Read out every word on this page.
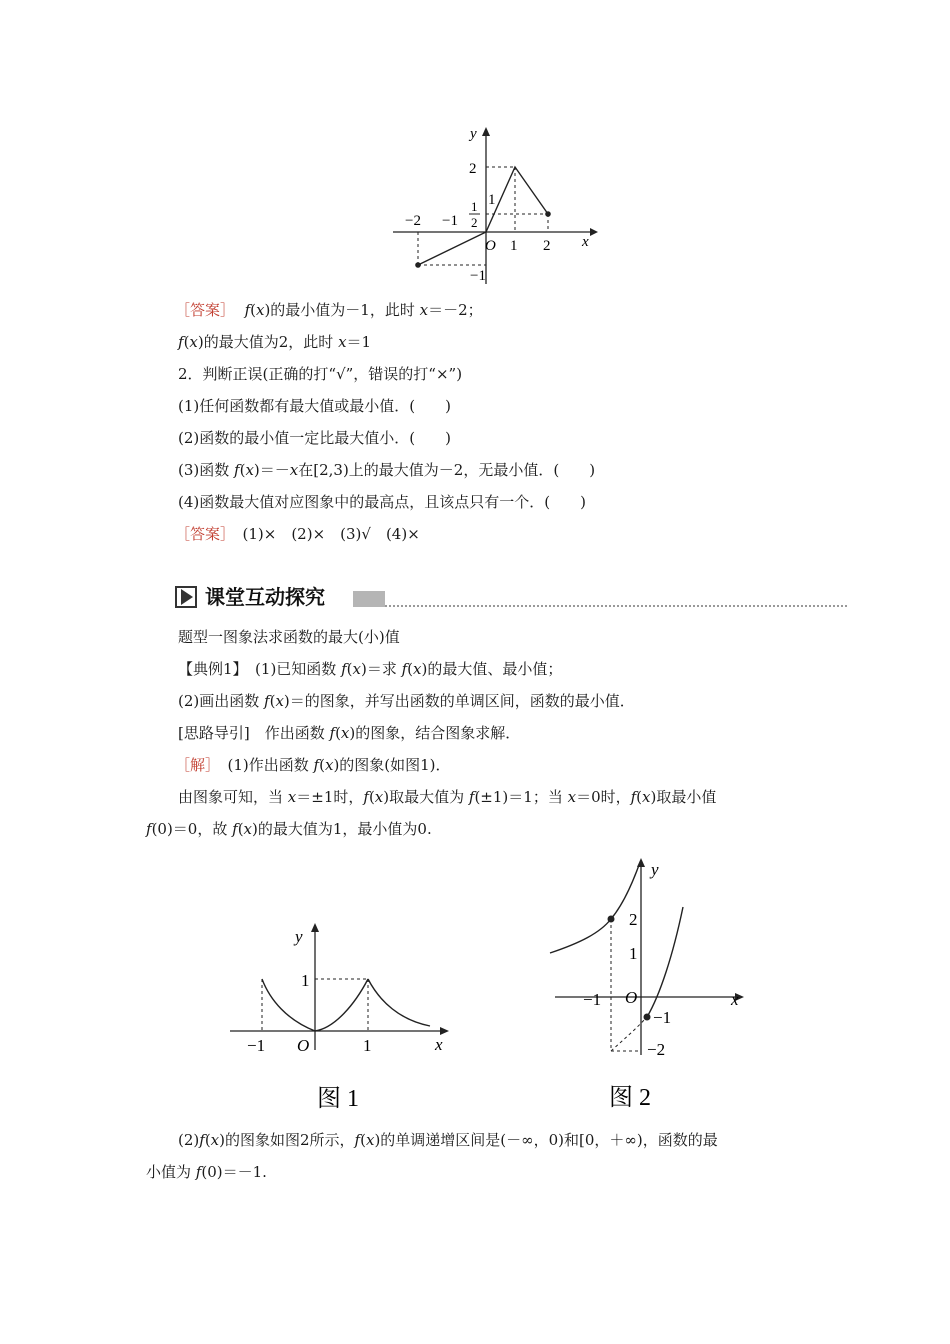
y
x
O
2
1
1
2
−2 −1
1 2
−1
［答案］ f(x)的最小值为－1，此时 x＝－2；
f(x)的最大值为2，此时 x＝1
2．判断正误(正确的打“√”，错误的打“×”)
(1)任何函数都有最大值或最小值．(　　)
(2)函数的最小值一定比最大值小．(　　)
(3)函数 f(x)＝－x在[2,3)上的最大值为－2，无最小值．(　　)
(4)函数最大值对应图象中的最高点，且该点只有一个．(　　)
［答案］　(1)×　(2)×　(3)√　(4)×
课堂互动探究
题型一图象法求函数的最大(小)值
【典例1】　(1)已知函数 f(x)＝求 f(x)的最大值、最小值；
(2)画出函数 f(x)＝的图象，并写出函数的单调区间，函数的最小值．
[思路导引]　作出函数 f(x)的图象，结合图象求解．
［解］　(1)作出函数 f(x)的图象(如图1)．
由图象可知，当 x＝±1时，f(x)取最大值为 f(±1)＝1；当 x＝0时，f(x)取最小值
f(0)＝0，故 f(x)的最大值为1，最小值为0.
y
x
O
1
−1	1
图 1
y
x
O
2
1
−1
−1
−2
图 2
(2)f(x)的图象如图2所示，f(x)的单调递增区间是(－∞，0)和[0，＋∞)，函数的最
小值为 f(0)＝－1.
